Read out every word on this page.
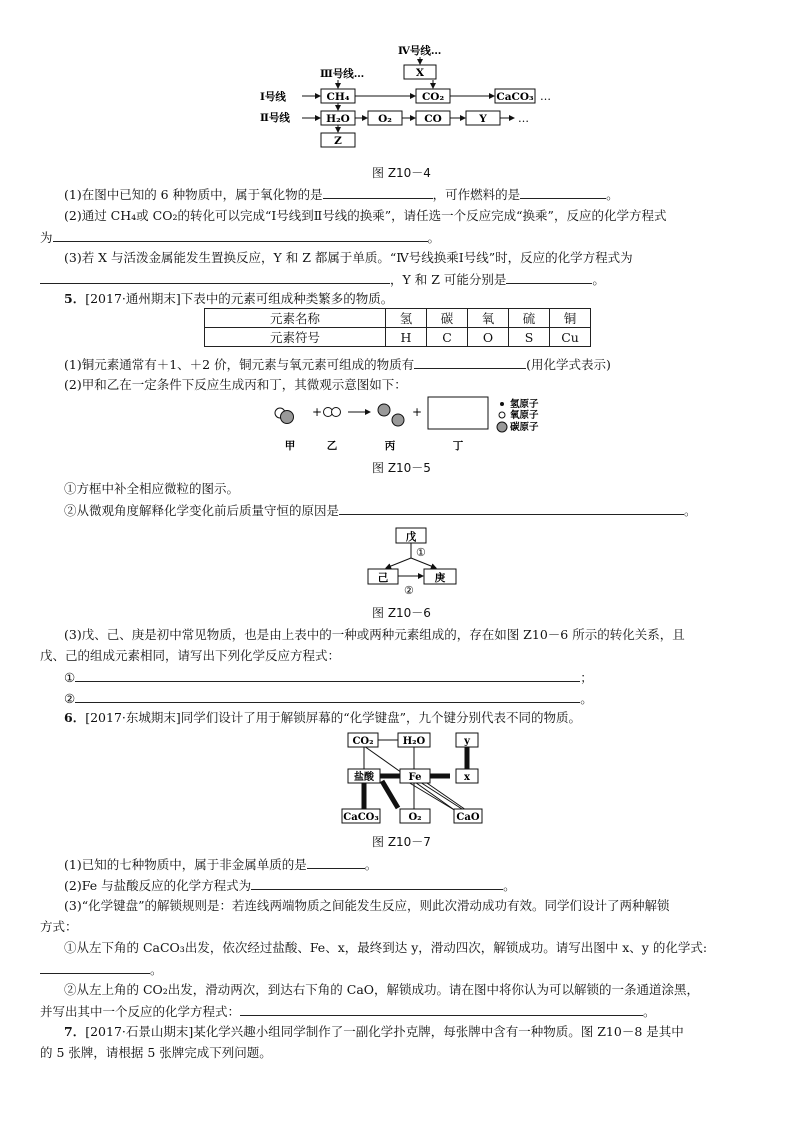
Ⅳ号线…
Ⅲ号线…
Ⅰ号线
Ⅱ号线
X
CH₄	CO₂	CaCO₃
H₂O	O₂	CO	Y
Z
…
…
图 Z10－4
(1)在图中已知的 6 种物质中，属于氧化物的是	，可作燃料的是	。
(2)通过 CH₄或 CO₂的转化可以完成“Ⅰ号线到Ⅱ号线的换乘”，请任选一个反应完成“换乘”，反应的化学方程式
为	。
(3)若 X 与活泼金属能发生置换反应，Y 和 Z 都属于单质。“Ⅳ号线换乘Ⅰ号线”时，反应的化学方程式为
，Y 和 Z 可能分别是	。
5．[2017·通州期末]下表中的元素可组成种类繁多的物质。
元素名称	氢	碳	氧	硫	铜
元素符号	H	C	O	S	Cu
(1)铜元素通常有＋1、＋2 价，铜元素与氧元素可组成的物质有	(用化学式表示)
(2)甲和乙在一定条件下反应生成丙和丁，其微观示意图如下：
+	+
氢原子
氧原子
碳原子
甲	乙	丙	丁
图 Z10－5
①方框中补全相应微粒的图示。
②从微观角度解释化学变化前后质量守恒的原因是	。
戊
己	庚
①
②
图 Z10－6
(3)戊、己、庚是初中常见物质，也是由上表中的一种或两种元素组成的，存在如图 Z10－6 所示的转化关系，且
戊、己的组成元素相同，请写出下列化学反应方程式：
①	；
②	。
6．[2017·东城期末]同学们设计了用于解锁屏幕的“化学键盘”，九个键分别代表不同的物质。
CO₂	H₂O	y
盐酸	Fe	x
CaCO₃	O₂	CaO
图 Z10－7
(1)已知的七种物质中，属于非金属单质的是	。
(2)Fe 与盐酸反应的化学方程式为	。
(3)“化学键盘”的解锁规则是：若连线两端物质之间能发生反应，则此次滑动成功有效。同学们设计了两种解锁
方式：
①从左下角的 CaCO₃出发，依次经过盐酸、Fe、x，最终到达 y，滑动四次，解锁成功。请写出图中 x、y 的化学式:
。
②从左上角的 CO₂出发，滑动两次，到达右下角的 CaO，解锁成功。请在图中将你认为可以解锁的一条通道涂黑，
并写出其中一个反应的化学方程式：	。
7．[2017·石景山期末]某化学兴趣小组同学制作了一副化学扑克牌，每张牌中含有一种物质。图 Z10－8 是其中
的 5 张牌，请根据 5 张牌完成下列问题。
